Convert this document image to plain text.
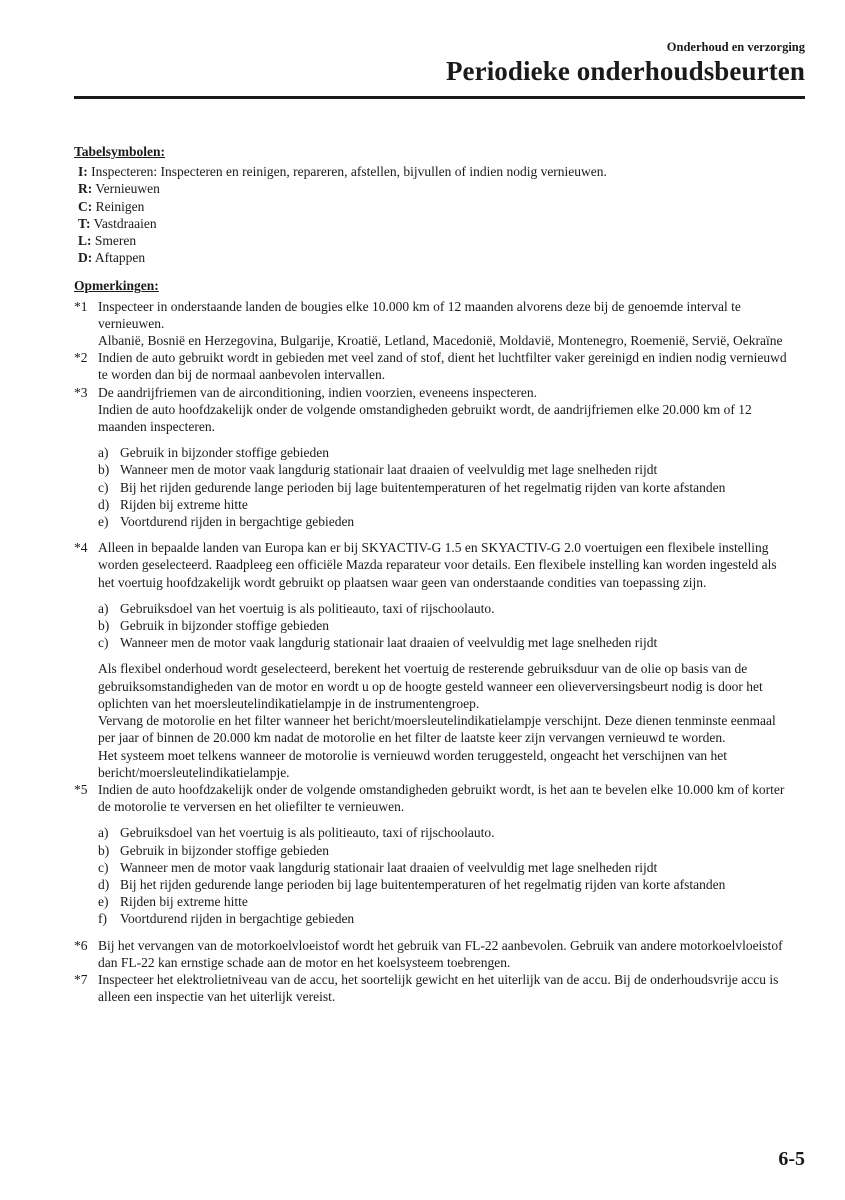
Onderhoud en verzorging
Periodieke onderhoudsbeurten
Tabelsymbolen:
I: Inspecteren: Inspecteren en reinigen, repareren, afstellen, bijvullen of indien nodig vernieuwen.
R: Vernieuwen
C: Reinigen
T: Vastdraaien
L: Smeren
D: Aftappen
Opmerkingen:
*1 Inspecteer in onderstaande landen de bougies elke 10.000 km of 12 maanden alvorens deze bij de genoemde interval te vernieuwen.
Albanië, Bosnië en Herzegovina, Bulgarije, Kroatië, Letland, Macedonië, Moldavië, Montenegro, Roemenië, Servië, Oekraïne
*2 Indien de auto gebruikt wordt in gebieden met veel zand of stof, dient het luchtfilter vaker gereinigd en indien nodig vernieuwd te worden dan bij de normaal aanbevolen intervallen.
*3 De aandrijfriemen van de airconditioning, indien voorzien, eveneens inspecteren.
Indien de auto hoofdzakelijk onder de volgende omstandigheden gebruikt wordt, de aandrijfriemen elke 20.000 km of 12 maanden inspecteren.
a) Gebruik in bijzonder stoffige gebieden
b) Wanneer men de motor vaak langdurig stationair laat draaien of veelvuldig met lage snelheden rijdt
c) Bij het rijden gedurende lange perioden bij lage buitentemperaturen of het regelmatig rijden van korte afstanden
d) Rijden bij extreme hitte
e) Voortdurend rijden in bergachtige gebieden
*4 Alleen in bepaalde landen van Europa kan er bij SKYACTIV-G 1.5 en SKYACTIV-G 2.0 voertuigen een flexibele instelling worden geselecteerd. Raadpleeg een officiële Mazda reparateur voor details. Een flexibele instelling kan worden ingesteld als het voertuig hoofdzakelijk wordt gebruikt op plaatsen waar geen van onderstaande condities van toepassing zijn.
a) Gebruiksdoel van het voertuig is als politieauto, taxi of rijschoolauto.
b) Gebruik in bijzonder stoffige gebieden
c) Wanneer men de motor vaak langdurig stationair laat draaien of veelvuldig met lage snelheden rijdt
Als flexibel onderhoud wordt geselecteerd, berekent het voertuig de resterende gebruiksduur van de olie op basis van de gebruiksomstandigheden van de motor en wordt u op de hoogte gesteld wanneer een olieverversingsbeurt nodig is door het oplichten van het moersleutelindikatielampje in de instrumentengroep.
Vervang de motorolie en het filter wanneer het bericht/moersleutelindikatielampje verschijnt. Deze dienen tenminste eenmaal per jaar of binnen de 20.000 km nadat de motorolie en het filter de laatste keer zijn vervangen vernieuwd te worden.
Het systeem moet telkens wanneer de motorolie is vernieuwd worden teruggesteld, ongeacht het verschijnen van het bericht/moersleutelindikatielampje.
*5 Indien de auto hoofdzakelijk onder de volgende omstandigheden gebruikt wordt, is het aan te bevelen elke 10.000 km of korter de motorolie te verversen en het oliefilter te vernieuwen.
a) Gebruiksdoel van het voertuig is als politieauto, taxi of rijschoolauto.
b) Gebruik in bijzonder stoffige gebieden
c) Wanneer men de motor vaak langdurig stationair laat draaien of veelvuldig met lage snelheden rijdt
d) Bij het rijden gedurende lange perioden bij lage buitentemperaturen of het regelmatig rijden van korte afstanden
e) Rijden bij extreme hitte
f) Voortdurend rijden in bergachtige gebieden
*6 Bij het vervangen van de motorkoelvloeistof wordt het gebruik van FL-22 aanbevolen. Gebruik van andere motorkoelvloeistof dan FL-22 kan ernstige schade aan de motor en het koelsysteem toebrengen.
*7 Inspecteer het elektrolietniveau van de accu, het soortelijk gewicht en het uiterlijk van de accu. Bij de onderhoudsvrije accu is alleen een inspectie van het uiterlijk vereist.
6-5
